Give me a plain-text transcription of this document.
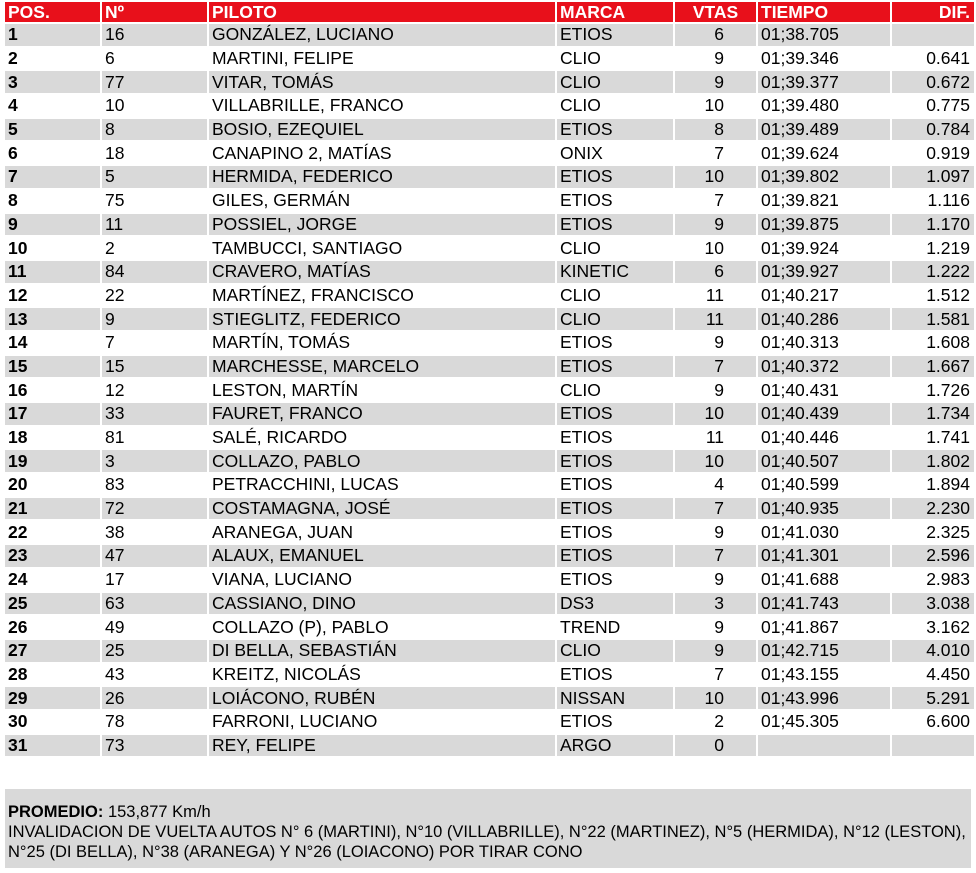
POS.	Nº	PILOTO	MARCA	VTAS	TIEMPO	DIF.
1	16	GONZÁLEZ, LUCIANO	ETIOS	6	01;38.705	
2	6	MARTINI, FELIPE	CLIO	9	01;39.346	0.641
3	77	VITAR, TOMÁS	CLIO	9	01;39.377	0.672
4	10	VILLABRILLE, FRANCO	CLIO	10	01;39.480	0.775
5	8	BOSIO, EZEQUIEL	ETIOS	8	01;39.489	0.784
6	18	CANAPINO 2, MATÍAS	ONIX	7	01;39.624	0.919
7	5	HERMIDA, FEDERICO	ETIOS	10	01;39.802	1.097
8	75	GILES, GERMÁN	ETIOS	7	01;39.821	1.116
9	11	POSSIEL, JORGE	ETIOS	9	01;39.875	1.170
10	2	TAMBUCCI, SANTIAGO	CLIO	10	01;39.924	1.219
11	84	CRAVERO, MATÍAS	KINETIC	6	01;39.927	1.222
12	22	MARTÍNEZ, FRANCISCO	CLIO	11	01;40.217	1.512
13	9	STIEGLITZ, FEDERICO	CLIO	11	01;40.286	1.581
14	7	MARTÍN, TOMÁS	ETIOS	9	01;40.313	1.608
15	15	MARCHESSE, MARCELO	ETIOS	7	01;40.372	1.667
16	12	LESTON, MARTÍN	CLIO	9	01;40.431	1.726
17	33	FAURET, FRANCO	ETIOS	10	01;40.439	1.734
18	81	SALÉ, RICARDO	ETIOS	11	01;40.446	1.741
19	3	COLLAZO, PABLO	ETIOS	10	01;40.507	1.802
20	83	PETRACCHINI, LUCAS	ETIOS	4	01;40.599	1.894
21	72	COSTAMAGNA, JOSÉ	ETIOS	7	01;40.935	2.230
22	38	ARANEGA, JUAN	ETIOS	9	01;41.030	2.325
23	47	ALAUX, EMANUEL	ETIOS	7	01;41.301	2.596
24	17	VIANA, LUCIANO	ETIOS	9	01;41.688	2.983
25	63	CASSIANO, DINO	DS3	3	01;41.743	3.038
26	49	COLLAZO (P), PABLO	TREND	9	01;41.867	3.162
27	25	DI BELLA, SEBASTIÁN	CLIO	9	01;42.715	4.010
28	43	KREITZ, NICOLÁS	ETIOS	7	01;43.155	4.450
29	26	LOIÁCONO, RUBÉN	NISSAN	10	01;43.996	5.291
30	78	FARRONI, LUCIANO	ETIOS	2	01;45.305	6.600
31	73	REY, FELIPE	ARGO	0		
PROMEDIO: 153,877 Km/h
INVALIDACION DE VUELTA AUTOS N° 6 (MARTINI), N°10 (VILLABRILLE), N°22 (MARTINEZ), N°5 (HERMIDA), N°12 (LESTON), N°25 (DI BELLA), N°38 (ARANEGA) Y N°26 (LOIACONO) POR TIRAR CONO
